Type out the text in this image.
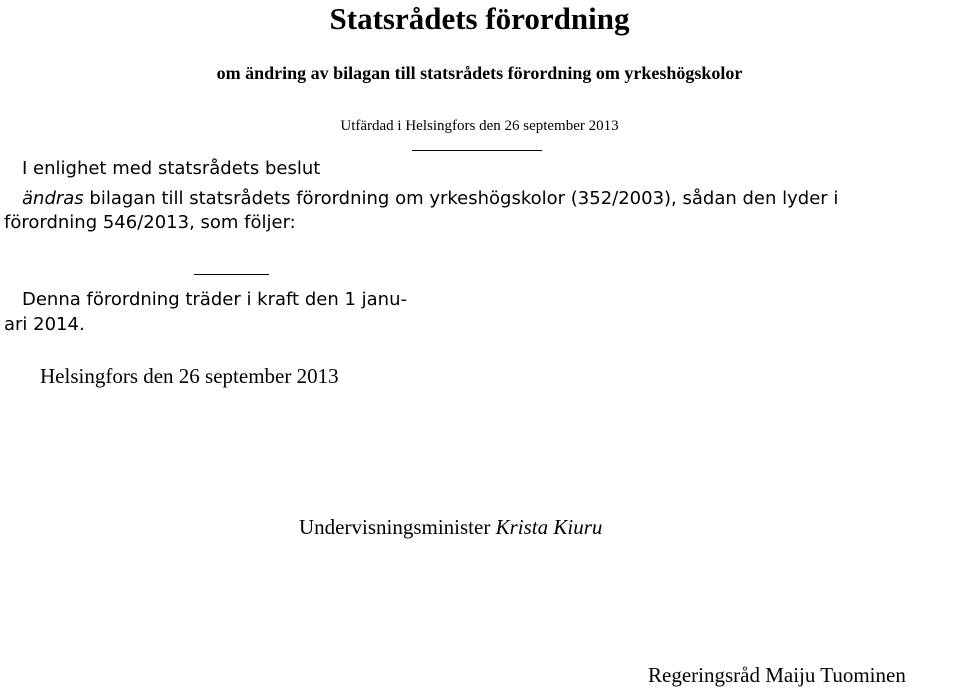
Statsrådets förordning
om ändring av bilagan till statsrådets förordning om yrkeshögskolor
Utfärdad i Helsingfors den 26 september 2013
I enlighet med statsrådets beslut
ändras bilagan till statsrådets förordning om yrkeshögskolor (352/2003), sådan den lyder i
förordning 546/2013, som följer:
Denna förordning träder i kraft den 1 janu-
ari 2014.
Helsingfors den 26 september 2013
Undervisningsminister Krista Kiuru
Regeringsråd Maiju Tuominen
